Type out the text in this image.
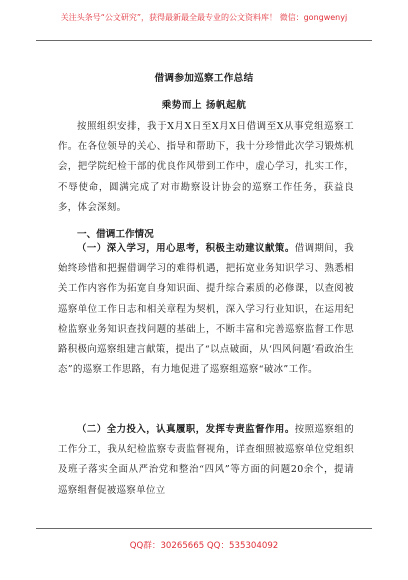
关注头条号“公文研究”，获得最新最全最专业的公文资料库！ 微信：gongwenyj
借调参加巡察工作总结
乘势而上 扬帆起航

按照组织安排，我于X月X日至X月X日借调至X从事党组巡察工作。在各位领导的关心、指导和帮助下，我十分珍惜此次学习锻炼机会，把学院纪检干部的优良作风带到工作中，虚心学习，扎实工作，不辱使命，圆满完成了对市勘察设计协会的巡察工作任务，获益良多，体会深刻。

一、借调工作情况

（一）深入学习，用心思考，积极主动建议献策。借调期间，我始终珍惜和把握借调学习的难得机遇，把拓宽业务知识学习、熟悉相关工作内容作为拓宽自身知识面、提升综合素质的必修课，以查阅被巡察单位工作日志和相关章程为契机，深入学习行业知识，在运用纪检监察业务知识查找问题的基础上，不断丰富和完善巡察监督工作思路积极向巡察组建言献策，提出了“以点破面，从‘四风问题’看政治生态”的巡察工作思路，有力地促进了巡察组巡察“破冰”工作。

（二）全力投入，认真履职，发挥专责监督作用。按照巡察组的工作分工，我从纪检监察专责监督视角，详查细照被巡察单位党组织及班子落实全面从严治党和整治“四风”等方面的问题20余个，提请巡察组督促被巡察单位立

QQ群：30265665 QQ：535304092
